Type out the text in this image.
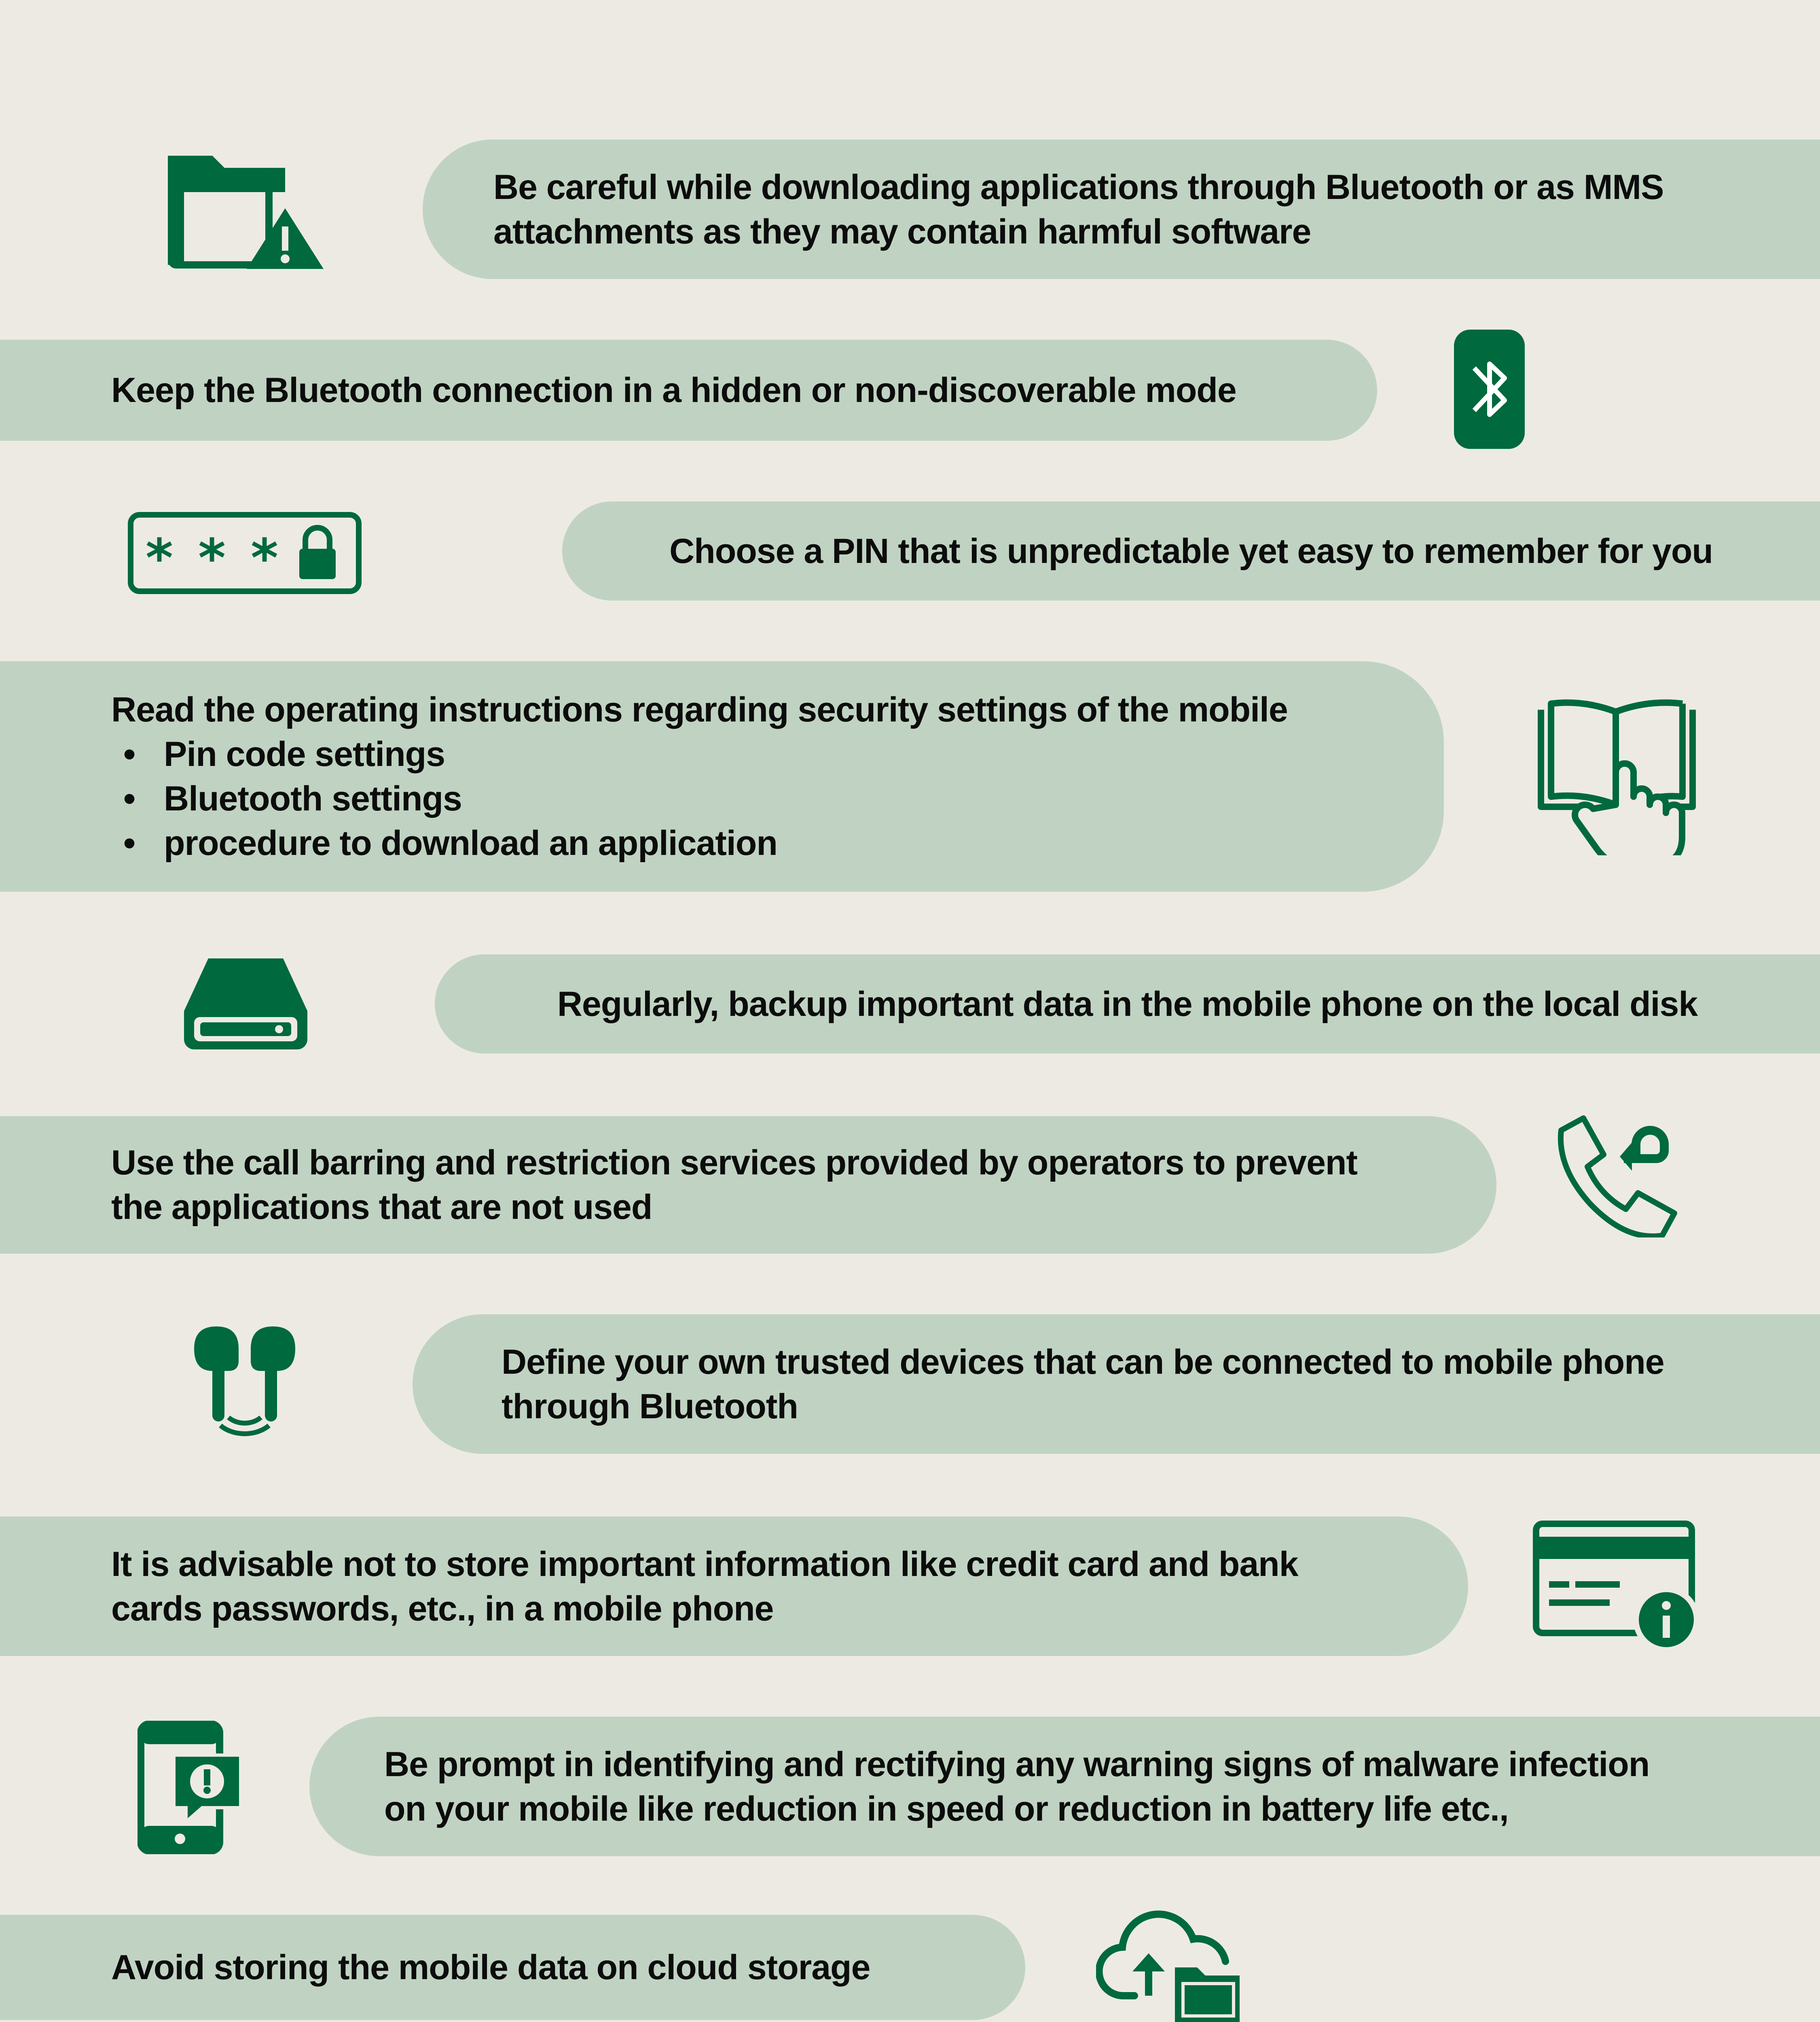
Be careful while downloading applications through Bluetooth or as MMS
attachments as they may contain harmful software
Keep the Bluetooth connection in a hidden or non-discoverable mode
* * *	Choose a PIN that is unpredictable yet easy to remember for you
Read the operating instructions regarding security settings of the mobile
• Pin code settings
• Bluetooth settings
• procedure to download an application
Regularly, backup important data in the mobile phone on the local disk
Use the call barring and restriction services provided by operators to prevent
the applications that are not used
Define your own trusted devices that can be connected to mobile phone
through Bluetooth
It is advisable not to store important information like credit card and bank
cards passwords, etc., in a mobile phone
Be prompt in identifying and rectifying any warning signs of malware infection
on your mobile like reduction in speed or reduction in battery life etc.,
Avoid storing the mobile data on cloud storage
